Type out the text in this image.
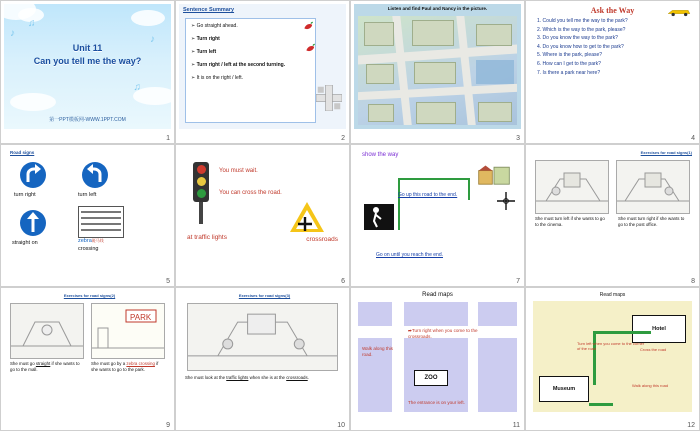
♪
♫
♪
♫
Unit 11
Can you tell me the way?
第一PPT模板网-WWW.1PPT.COM
1
Sentence Summary
➢ Go straight ahead.
➢ Turn right
➢ Turn left
➢ Turn right / left at the second turning.
➢ It is on the right / left.
2
Listen and find Paul and Nancy in the picture.
3
Ask the Way
1. Could you tell me the way to the park?
2. Which is the way to the park, please?
3. Do you know the way to the park?
4. Do you know how to get to the park?
5. Where is the park, please?
6. How can I get to the park?
7. Is there a park near here?
4
Road signs
turn right	turn left
straight on	zebra斑马线
crossing
5
You must wait.
You can cross the road.
at traffic lights	crossroads
6
show the way
Go up this road to the end.
Go on until you reach the end.
7
Exercises for road signs(1)
She must turn left if she wants to go to the cinema.
She must turn right if she wants to go to the post office.
8
Exercises for road signs(2)
PARK
She must go straight if she wants to go to the mall.
She must go by a zebra crossing if she wants to go to the park.
9
Exercises for road signs(3)
She must look at the traffic lights when she is at the crossroads.
10
Read maps
ZOO
Walk along this road.
➦Turn right when you come to the crossroads.
The entrance is on your left.
11
Read maps
Hotel
Museum
Turn left when you come to the corner of the road	Cross the road
Walk along this road
12
